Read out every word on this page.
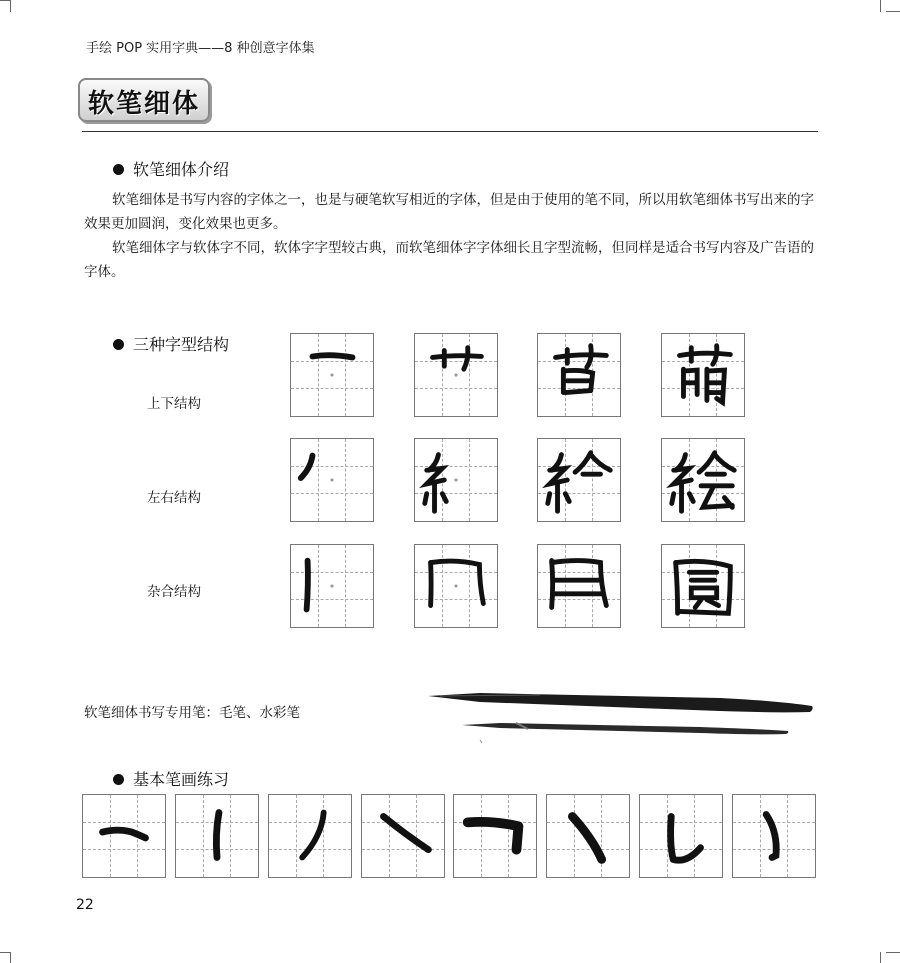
手绘 POP 实用字典——8 种创意字体集
软笔细体
软笔细体介绍

软笔细体是书写内容的字体之一，也是与硬笔软写相近的字体，但是由于使用的笔不同，所以用软笔细体书写出来的字效果更加圆润，变化效果也更多。

软笔细体字与软体字不同，软体字字型较古典，而软笔细体字字体细长且字型流畅，但同样是适合书写内容及广告语的字体。

三种字型结构
上下结构
左右结构
杂合结构
软笔细体书写专用笔：毛笔、水彩笔
基本笔画练习
22
